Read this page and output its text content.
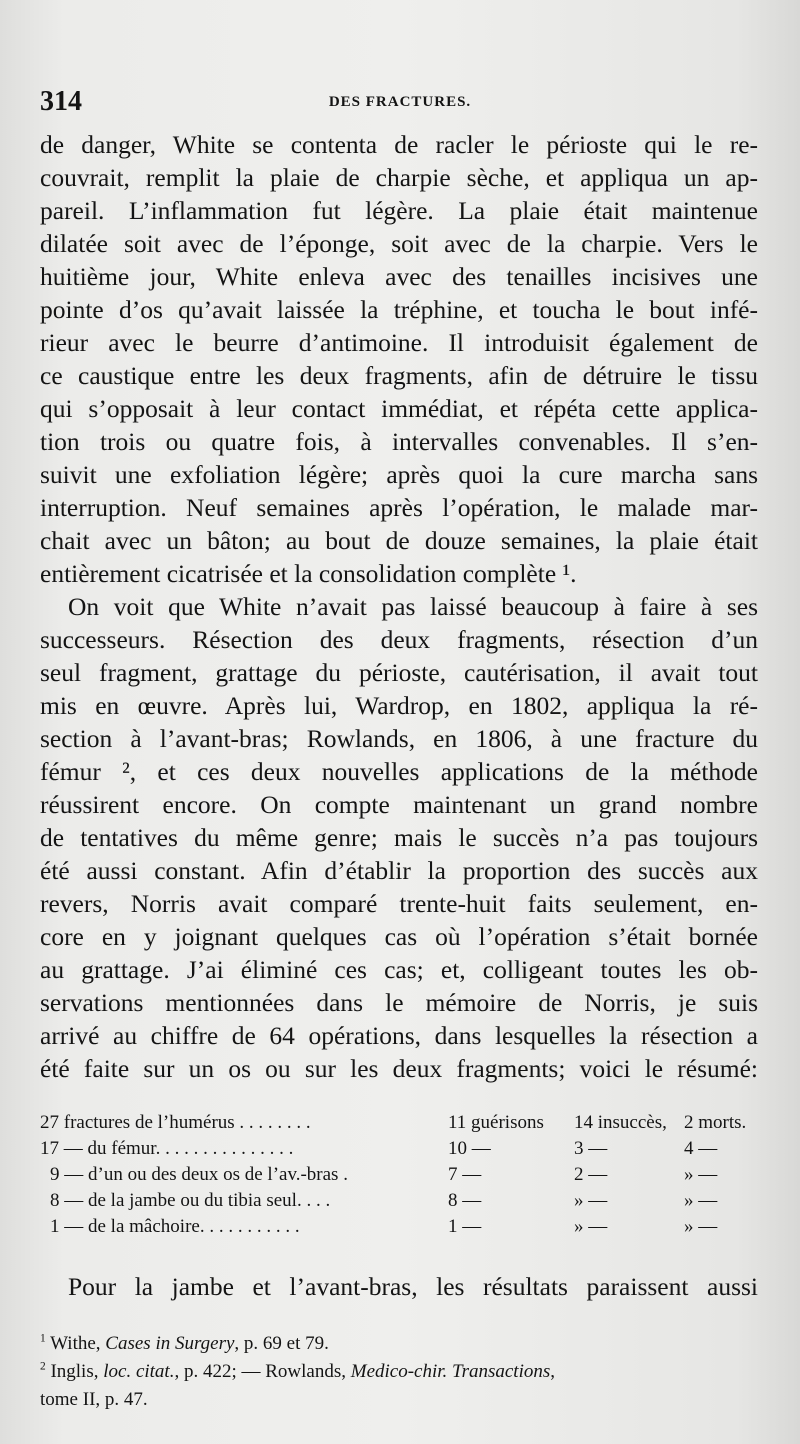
314	DES FRACTURES.
de danger, White se contenta de racler le périoste qui le re-
couvrait, remplit la plaie de charpie sèche, et appliqua un ap-
pareil. L’inflammation fut légère. La plaie était maintenue
dilatée soit avec de l’éponge, soit avec de la charpie. Vers le
huitième jour, White enleva avec des tenailles incisives une
pointe d’os qu’avait laissée la tréphine, et toucha le bout infé-
rieur avec le beurre d’antimoine. Il introduisit également de
ce caustique entre les deux fragments, afin de détruire le tissu
qui s’opposait à leur contact immédiat, et répéta cette applica-
tion trois ou quatre fois, à intervalles convenables. Il s’en-
suivit une exfoliation légère; après quoi la cure marcha sans
interruption. Neuf semaines après l’opération, le malade mar-
chait avec un bâton; au bout de douze semaines, la plaie était
entièrement cicatrisée et la consolidation complète ¹.
On voit que White n’avait pas laissé beaucoup à faire à ses
successeurs. Résection des deux fragments, résection d’un
seul fragment, grattage du périoste, cautérisation, il avait tout
mis en œuvre. Après lui, Wardrop, en 1802, appliqua la ré-
section à l’avant-bras; Rowlands, en 1806, à une fracture du
fémur ², et ces deux nouvelles applications de la méthode
réussirent encore. On compte maintenant un grand nombre
de tentatives du même genre; mais le succès n’a pas toujours
été aussi constant. Afin d’établir la proportion des succès aux
revers, Norris avait comparé trente-huit faits seulement, en-
core en y joignant quelques cas où l’opération s’était bornée
au grattage. J’ai éliminé ces cas; et, colligeant toutes les ob-
servations mentionnées dans le mémoire de Norris, je suis
arrivé au chiffre de 64 opérations, dans lesquelles la résection a
été faite sur un os ou sur les deux fragments; voici le résumé:
27 fractures de l’humérus . . . . . . . .	11 guérisons 14 insuccès, 2 morts.
17 — du fémur. . . . . . . . . . . . . . .	10 —	3 —	4 —
9 — d’un ou des deux os de l’av.-bras .	7 —	2 —	» —
8 — de la jambe ou du tibia seul. . . .	8 —	» —	» —
1 — de la mâchoire. . . . . . . . . . .	1 —	» —	» —
Pour la jambe et l’avant-bras, les résultats paraissent aussi
$^1$ Withe, Cases in Surgery, p. 69 et 79.
$^2$ Inglis, loc. citat., p. 422; — Rowlands, Medico-chir. Transactions,
tome II, p. 47.
